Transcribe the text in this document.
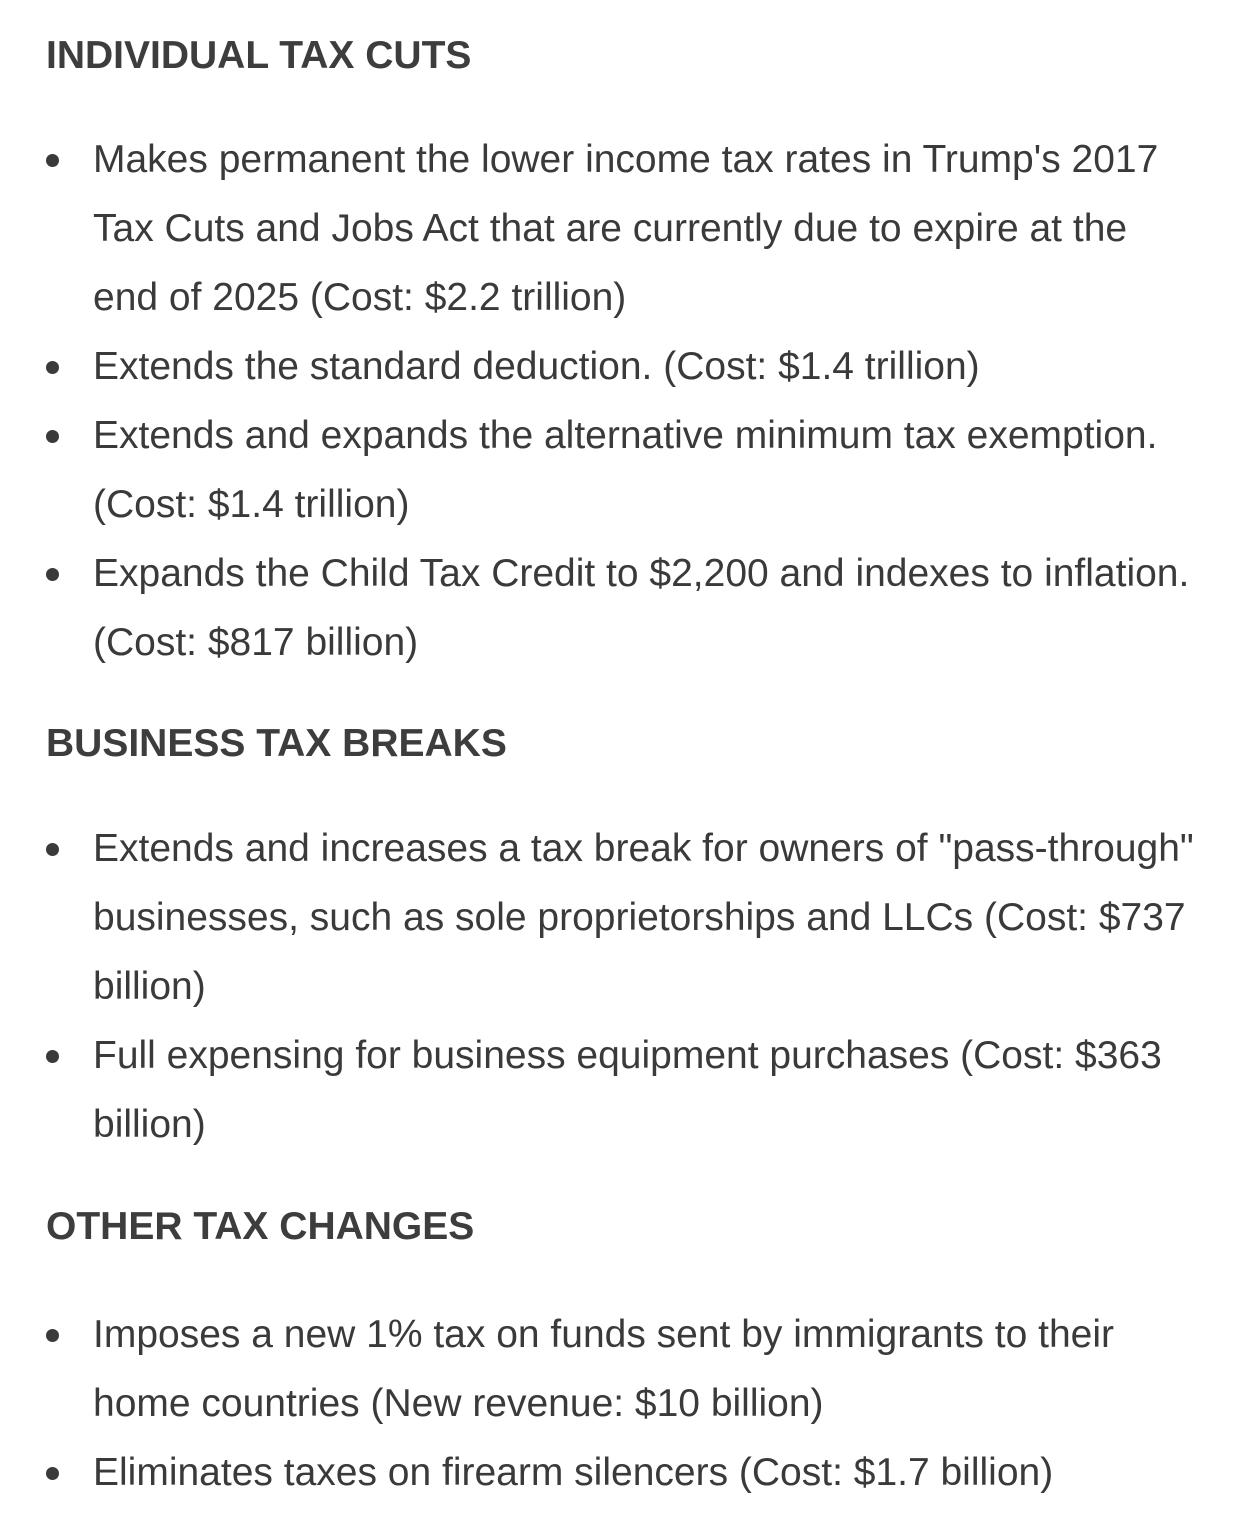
INDIVIDUAL TAX CUTS
Makes permanent the lower income tax rates in Trump's 2017 Tax Cuts and Jobs Act that are currently due to expire at the end of 2025 (Cost: $2.2 trillion)
Extends the standard deduction. (Cost: $1.4 trillion)
Extends and expands the alternative minimum tax exemption. (Cost: $1.4 trillion)
Expands the Child Tax Credit to $2,200 and indexes to inflation. (Cost: $817 billion)
BUSINESS TAX BREAKS
Extends and increases a tax break for owners of "pass-through" businesses, such as sole proprietorships and LLCs (Cost: $737 billion)
Full expensing for business equipment purchases (Cost: $363 billion)
OTHER TAX CHANGES
Imposes a new 1% tax on funds sent by immigrants to their home countries (New revenue: $10 billion)
Eliminates taxes on firearm silencers (Cost: $1.7 billion)
